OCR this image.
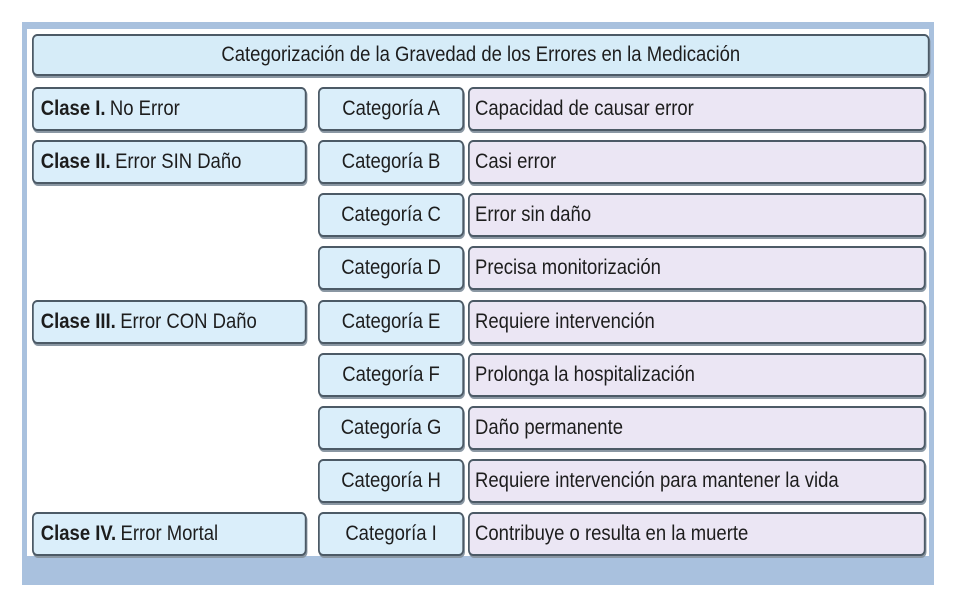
Categorización de la Gravedad de los Errores en la Medicación
Clase I. No Error
Clase II. Error SIN Daño
Clase III. Error CON Daño
Clase IV. Error Mortal
Categoría A
Categoría B
Categoría C
Categoría D
Categoría E
Categoría F
Categoría G
Categoría H
Categoría I
Capacidad de causar error
Casi error
Error sin daño
Precisa monitorización
Requiere intervención
Prolonga la hospitalización
Daño permanente
Requiere intervención para mantener la vida
Contribuye o resulta en la muerte
